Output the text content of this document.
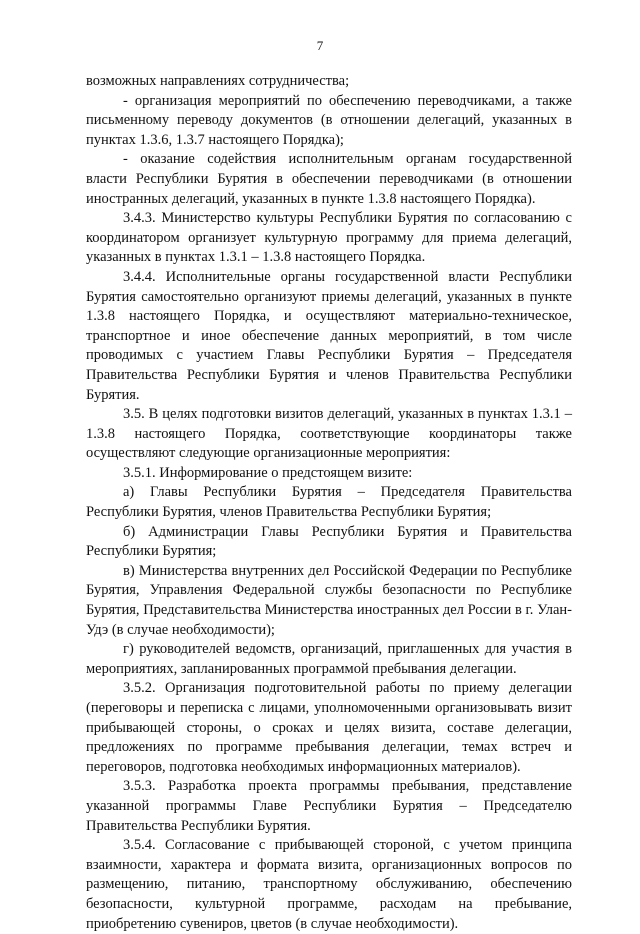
7

возможных направлениях сотрудничества;

- организация мероприятий по обеспечению переводчиками, а также письменному переводу документов (в отношении делегаций, указанных в пунктах 1.3.6, 1.3.7 настоящего Порядка);

- оказание содействия исполнительным органам государственной власти Республики Бурятия в обеспечении переводчиками (в отношении иностранных делегаций, указанных в пункте 1.3.8 настоящего Порядка).

3.4.3. Министерство культуры Республики Бурятия по согласованию с координатором организует культурную программу для приема делегаций, указанных в пунктах 1.3.1 – 1.3.8 настоящего Порядка.

3.4.4. Исполнительные органы государственной власти Республики Бурятия самостоятельно организуют приемы делегаций, указанных в пункте 1.3.8 настоящего Порядка, и осуществляют материально-техническое, транспортное и иное обеспечение данных мероприятий, в том числе проводимых с участием Главы Республики Бурятия – Председателя Правительства Республики Бурятия и членов Правительства Республики Бурятия.

3.5. В целях подготовки визитов делегаций, указанных в пунктах 1.3.1 – 1.3.8 настоящего Порядка, соответствующие координаторы также осуществляют следующие организационные мероприятия:

3.5.1. Информирование о предстоящем визите:

а) Главы Республики Бурятия – Председателя Правительства Республики Бурятия, членов Правительства Республики Бурятия;

б) Администрации Главы Республики Бурятия и Правительства Республики Бурятия;

в) Министерства внутренних дел Российской Федерации по Республике Бурятия, Управления Федеральной службы безопасности по Республике Бурятия, Представительства Министерства иностранных дел России в г. Улан-Удэ (в случае необходимости);

г) руководителей ведомств, организаций, приглашенных для участия в мероприятиях, запланированных программой пребывания делегации.

3.5.2. Организация подготовительной работы по приему делегации (переговоры и переписка с лицами, уполномоченными организовывать визит прибывающей стороны, о сроках и целях визита, составе делегации, предложениях по программе пребывания делегации, темах встреч и переговоров, подготовка необходимых информационных материалов).

3.5.3. Разработка проекта программы пребывания, представление указанной программы Главе Республики Бурятия – Председателю Правительства Республики Бурятия.

3.5.4. Согласование с прибывающей стороной, с учетом принципа взаимности, характера и формата визита, организационных вопросов по размещению, питанию, транспортному обслуживанию, обеспечению безопасности, культурной программе, расходам на пребывание, приобретению сувениров, цветов (в случае необходимости).
